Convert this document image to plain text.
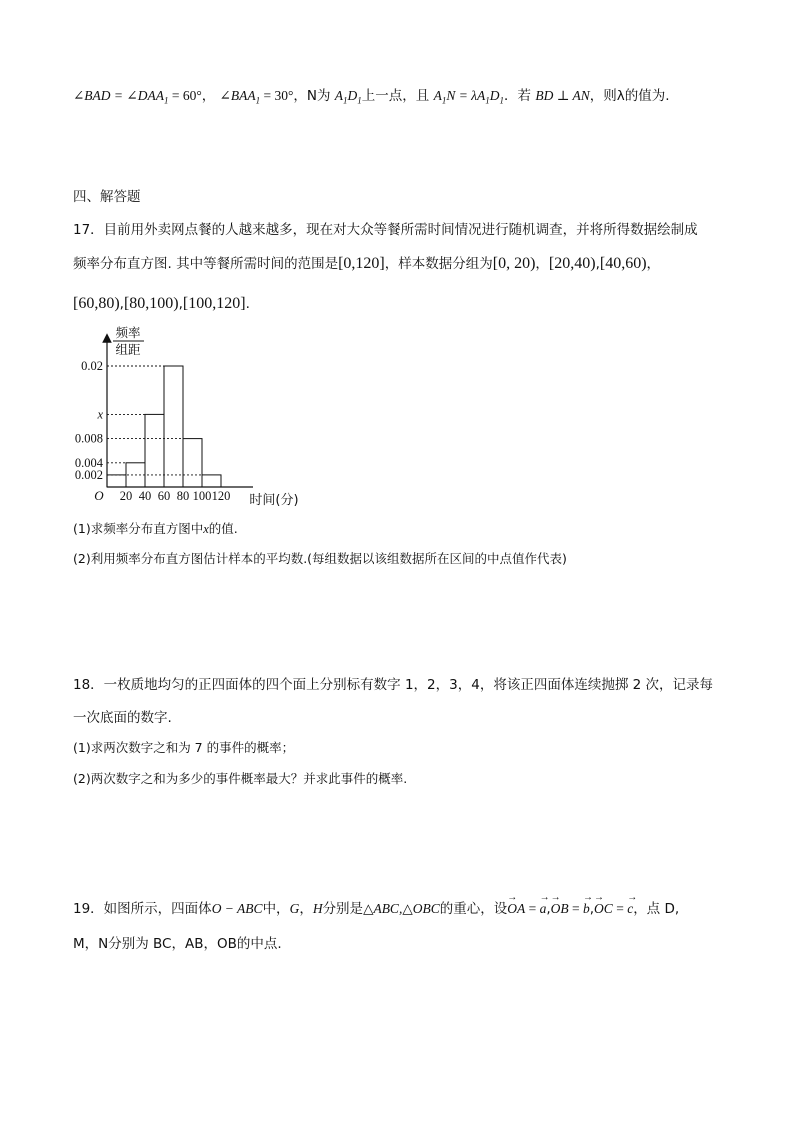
∠BAD = $\angle DAA_1 = 60^\circ$， $\angle BAA_1 = 30^\circ$，N为 $A_1D_1$上一点，且 $A_1N = \lambda A_1D_1$．若 BD ⊥ AN，则λ的值为.
四、解答题
17．目前用外卖网点餐的人越来越多，现在对大众等餐所需时间情况进行随机调查，并将所得数据绘制成
频率分布直方图. 其中等餐所需时间的范围是[0,120]，样本数据分组为[0, 20)，[20,40),[40,60)，
[60,80),[80,100),[100,120].
频率
组距
O	时间(分)
0.002
0.004
0.008
x
0.02
20 40 60 80 100 120
(1)求频率分布直方图中x的值.
(2)利用频率分布直方图估计样本的平均数.(每组数据以该组数据所在区间的中点值作代表)
18．一枚质地均匀的正四面体的四个面上分别标有数字 1，2，3，4，将该正四面体连续抛掷 2 次，记录每
一次底面的数字.
(1)求两次数字之和为 7 的事件的概率；
(2)两次数字之和为多少的事件概率最大？并求此事件的概率.
19．如图所示，四面体O − ABC中，G，H分别是△ABC,△OBC的重心，设→ OA = → a,→ OB = → b,→ OC = → c，点 D,
M，N分别为 BC，AB，OB的中点.
